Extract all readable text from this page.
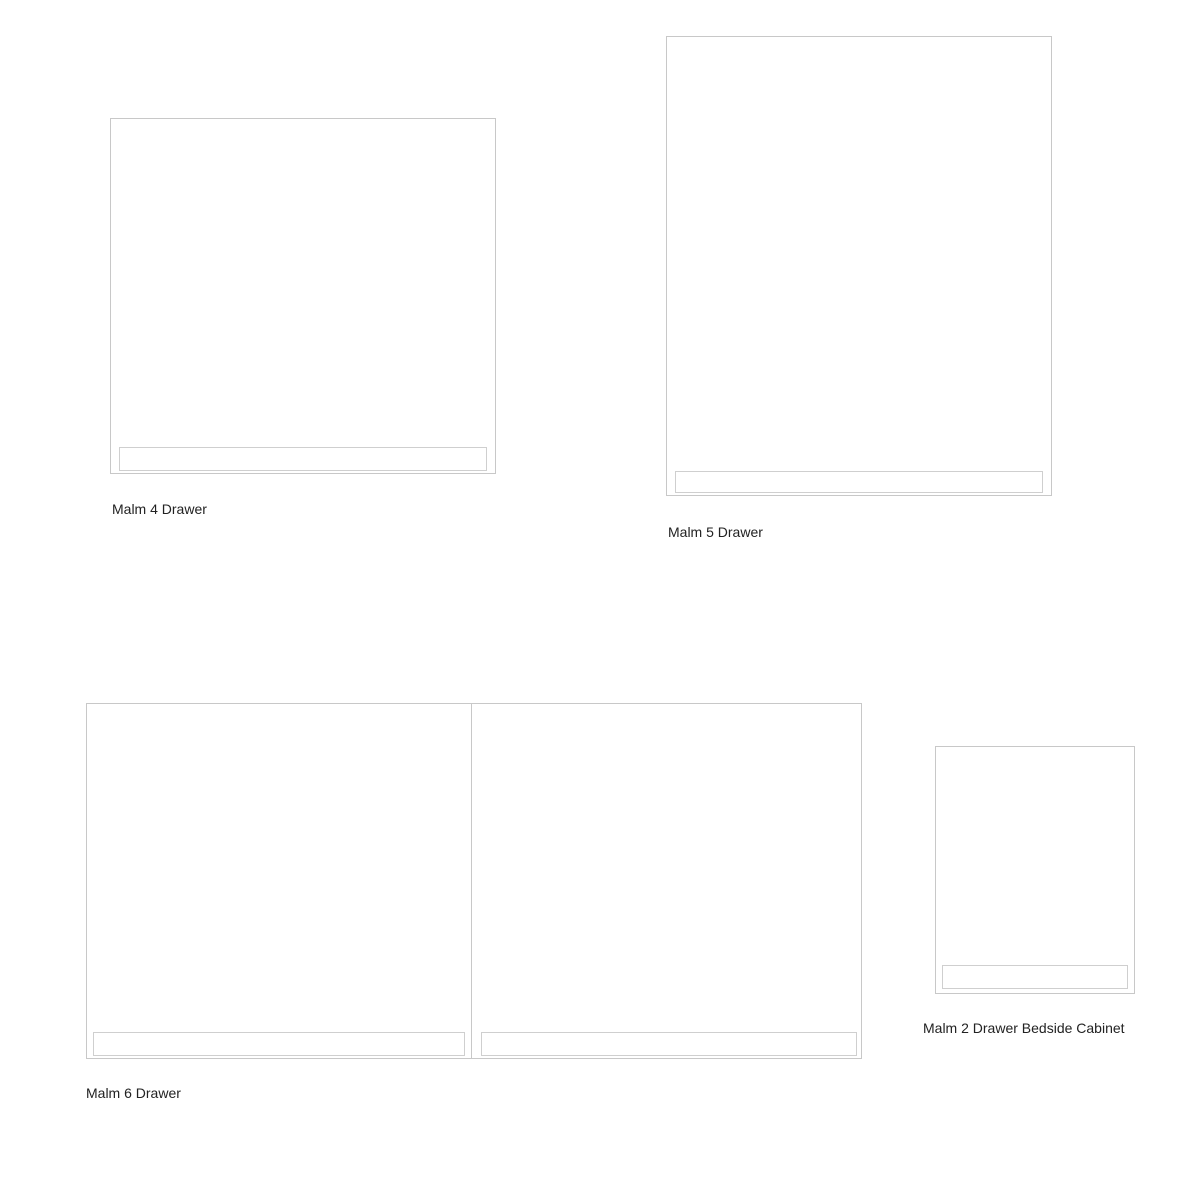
Malm 4 Drawer
Malm 5 Drawer
Malm 6 Drawer
Malm 2 Drawer Bedside Cabinet
